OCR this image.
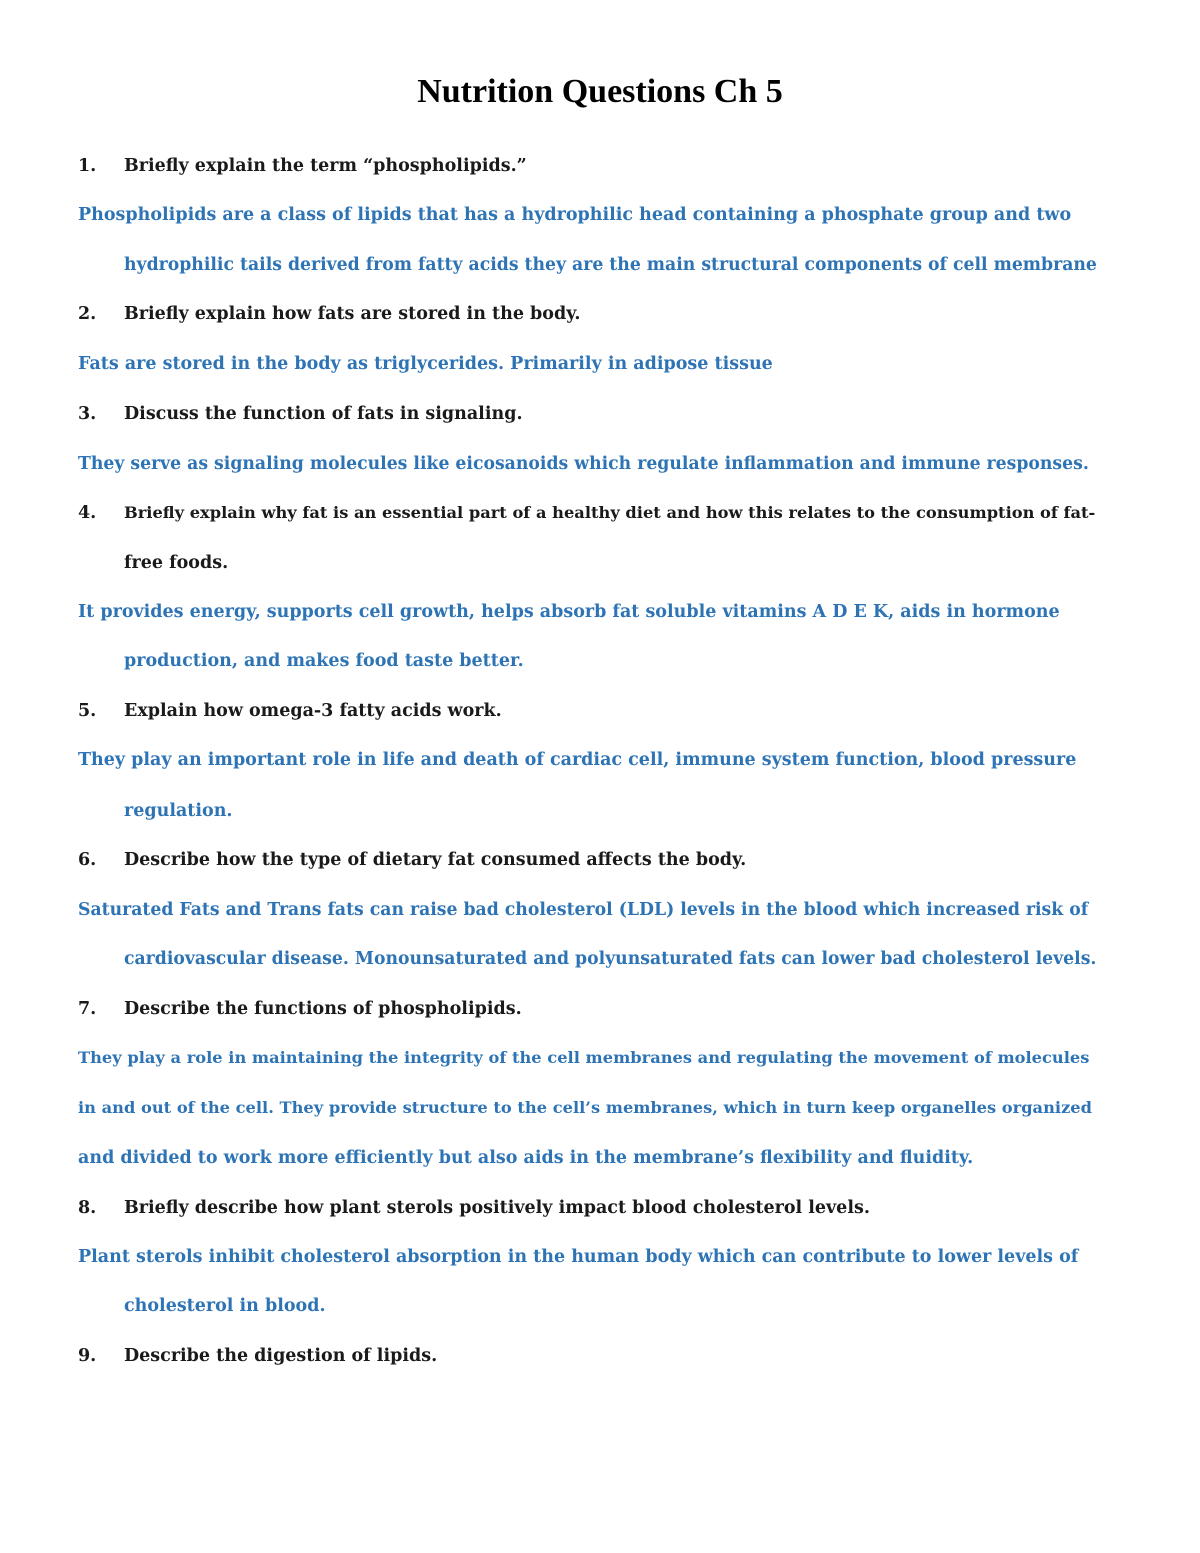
Nutrition Questions Ch 5
1. Briefly explain the term “phospholipids.”
Phospholipids are a class of lipids that has a hydrophilic head containing a phosphate group and two
hydrophilic tails derived from fatty acids they are the main structural components of cell membrane
2. Briefly explain how fats are stored in the body.
Fats are stored in the body as triglycerides. Primarily in adipose tissue
3. Discuss the function of fats in signaling.
They serve as signaling molecules like eicosanoids which regulate inflammation and immune responses.
4. Briefly explain why fat is an essential part of a healthy diet and how this relates to the consumption of fat-
free foods.
It provides energy, supports cell growth, helps absorb fat soluble vitamins A D E K, aids in hormone
production, and makes food taste better.
5. Explain how omega-3 fatty acids work.
They play an important role in life and death of cardiac cell, immune system function, blood pressure
regulation.
6. Describe how the type of dietary fat consumed affects the body.
Saturated Fats and Trans fats can raise bad cholesterol (LDL) levels in the blood which increased risk of
cardiovascular disease. Monounsaturated and polyunsaturated fats can lower bad cholesterol levels.
7. Describe the functions of phospholipids.
They play a role in maintaining the integrity of the cell membranes and regulating the movement of molecules
in and out of the cell. They provide structure to the cell’s membranes, which in turn keep organelles organized
and divided to work more efficiently but also aids in the membrane’s flexibility and fluidity.
8. Briefly describe how plant sterols positively impact blood cholesterol levels.
Plant sterols inhibit cholesterol absorption in the human body which can contribute to lower levels of
cholesterol in blood.
9. Describe the digestion of lipids.
